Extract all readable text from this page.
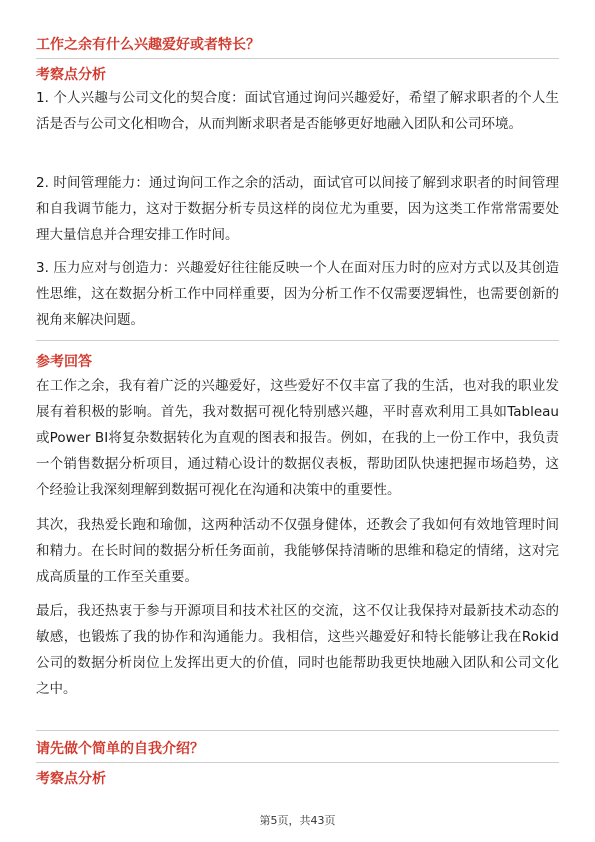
工作之余有什么兴趣爱好或者特长？
考察点分析
1. 个人兴趣与公司文化的契合度：面试官通过询问兴趣爱好，希望了解求职者的个人生活是否与公司文化相吻合，从而判断求职者是否能够更好地融入团队和公司环境。
2. 时间管理能力：通过询问工作之余的活动，面试官可以间接了解到求职者的时间管理和自我调节能力，这对于数据分析专员这样的岗位尤为重要，因为这类工作常常需要处理大量信息并合理安排工作时间。
3. 压力应对与创造力：兴趣爱好往往能反映一个人在面对压力时的应对方式以及其创造性思维，这在数据分析工作中同样重要，因为分析工作不仅需要逻辑性，也需要创新的视角来解决问题。
参考回答
在工作之余，我有着广泛的兴趣爱好，这些爱好不仅丰富了我的生活，也对我的职业发展有着积极的影响。首先，我对数据可视化特别感兴趣，平时喜欢利用工具如Tableau或Power BI将复杂数据转化为直观的图表和报告。例如，在我的上一份工作中，我负责一个销售数据分析项目，通过精心设计的数据仪表板，帮助团队快速把握市场趋势，这个经验让我深刻理解到数据可视化在沟通和决策中的重要性。
其次，我热爱长跑和瑜伽，这两种活动不仅强身健体，还教会了我如何有效地管理时间和精力。在长时间的数据分析任务面前，我能够保持清晰的思维和稳定的情绪，这对完成高质量的工作至关重要。
最后，我还热衷于参与开源项目和技术社区的交流，这不仅让我保持对最新技术动态的敏感，也锻炼了我的协作和沟通能力。我相信，这些兴趣爱好和特长能够让我在Rokid公司的数据分析岗位上发挥出更大的价值，同时也能帮助我更快地融入团队和公司文化之中。
请先做个简单的自我介绍？
考察点分析
第5页，共43页
